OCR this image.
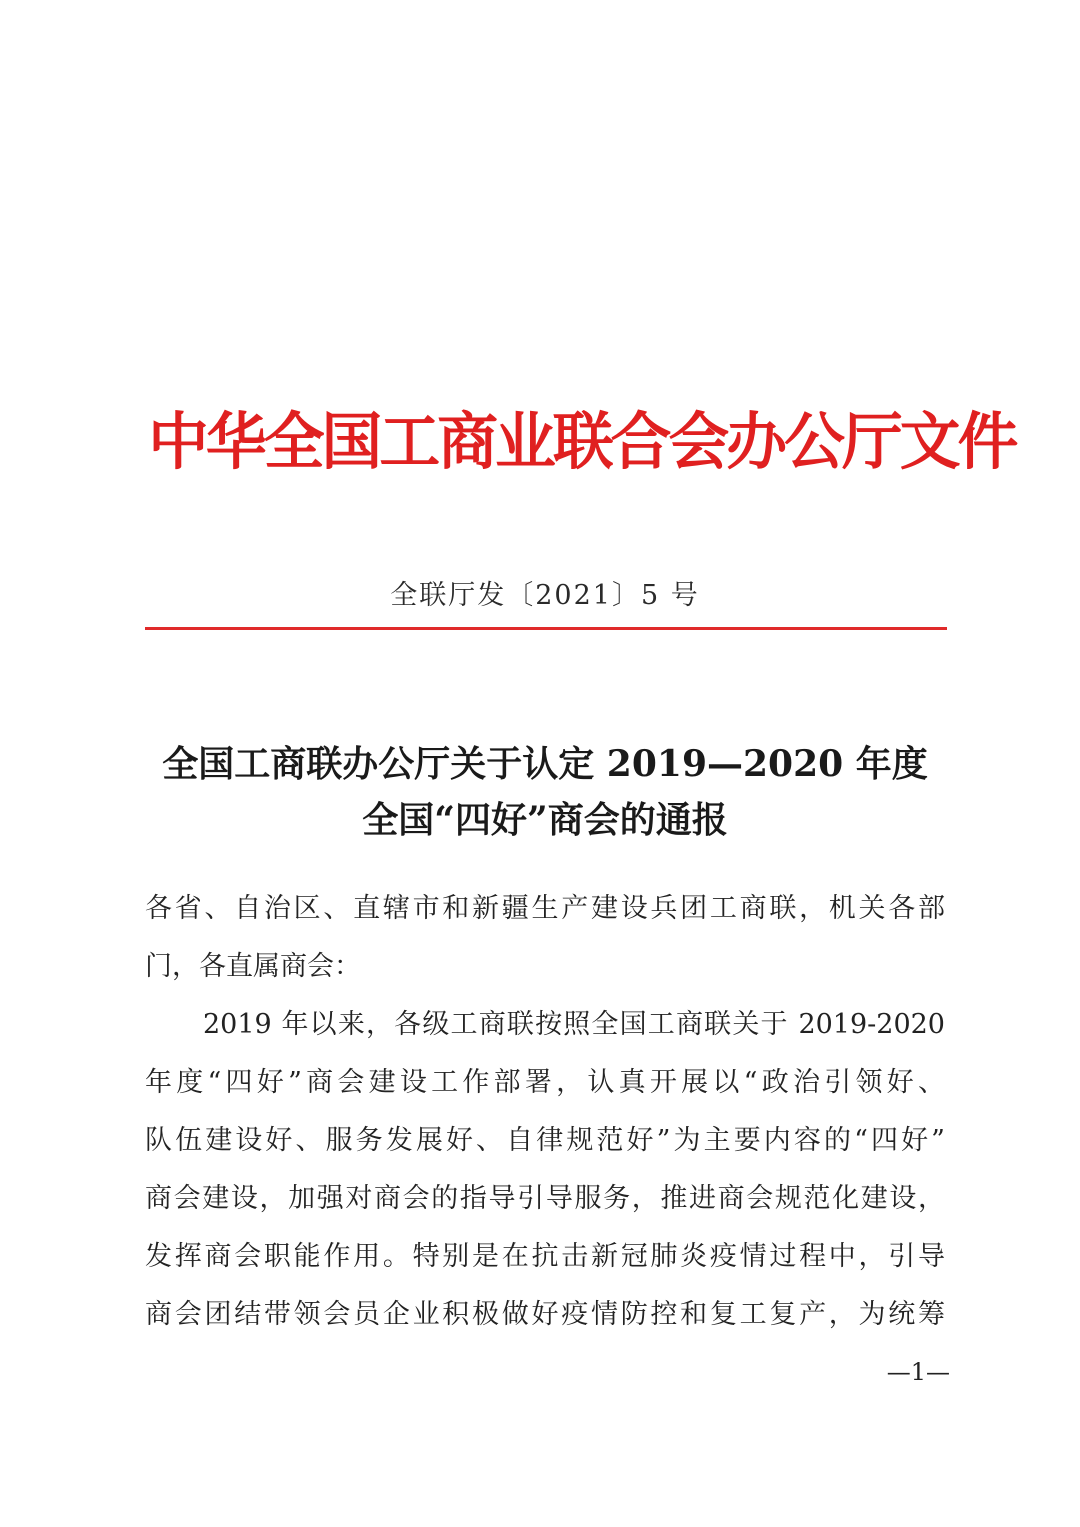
中华全国工商业联合会办公厅文件
全联厅发〔2021〕5 号
全国工商联办公厅关于认定 2019—2020 年度
全国“四好”商会的通报
各省、自治区、直辖市和新疆生产建设兵团工商联，机关各部
门，各直属商会：
2019 年以来，各级工商联按照全国工商联关于 2019-2020
年度“四好”商会建设工作部署，认真开展以“政治引领好、
队伍建设好、服务发展好、自律规范好”为主要内容的“四好”
商会建设，加强对商会的指导引导服务，推进商会规范化建设，
发挥商会职能作用。特别是在抗击新冠肺炎疫情过程中，引导
商会团结带领会员企业积极做好疫情防控和复工复产，为统筹
—1—
